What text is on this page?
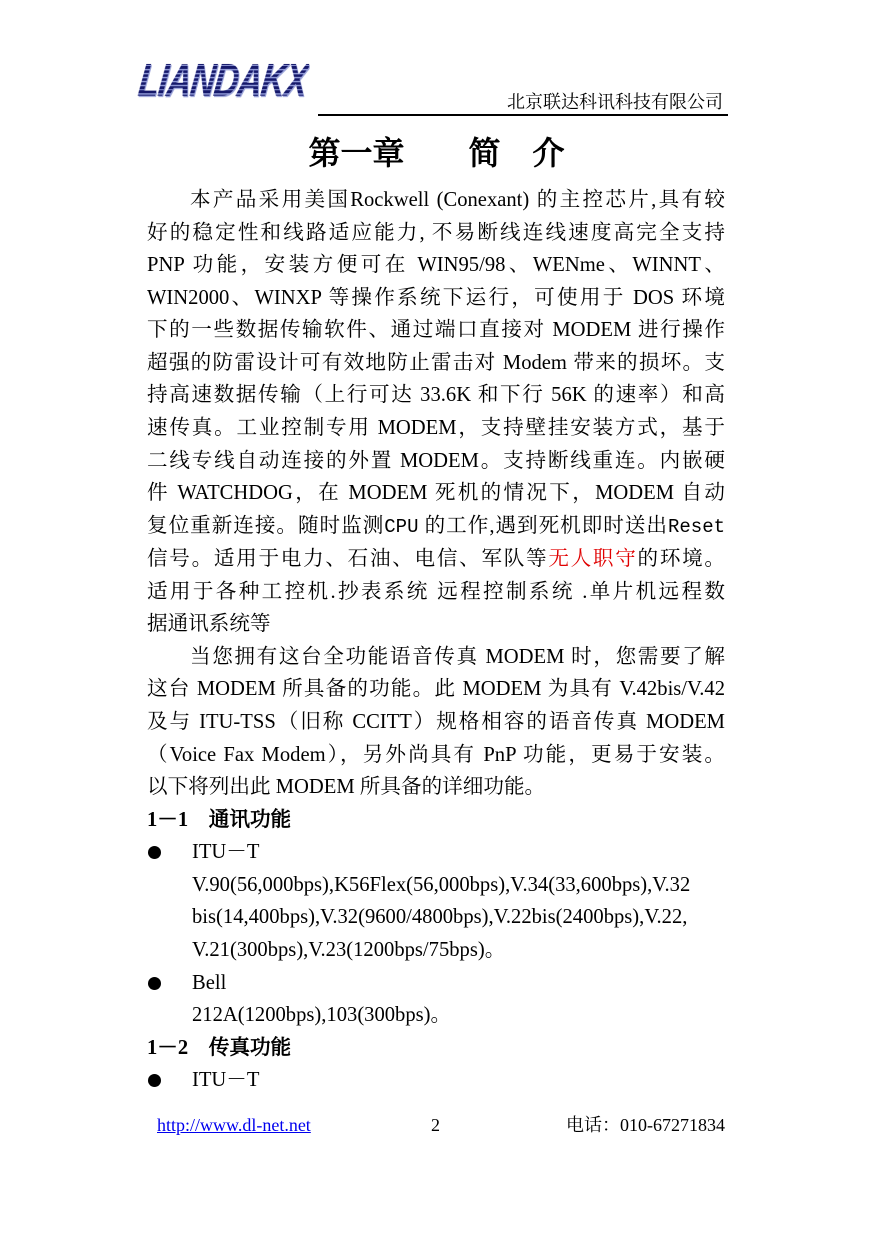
LIANDAKX	北京联达科讯科技有限公司
第一章　　简　介
本产品采用美国Rockwell (Conexant) 的主控芯片,具有较
好的稳定性和线路适应能力, 不易断线连线速度高完全支持
PNP 功能，安装方便可在 WIN95/98、WENme、WINNT、
WIN2000、WINXP 等操作系统下运行，可使用于 DOS 环境
下的一些数据传输软件、通过端口直接对 MODEM 进行操作
超强的防雷设计可有效地防止雷击对 Modem 带来的损坏。支
持高速数据传输（上行可达 33.6K 和下行 56K 的速率）和高
速传真。工业控制专用 MODEM，支持壁挂安装方式，基于
二线专线自动连接的外置 MODEM。支持断线重连。内嵌硬
件 WATCHDOG，在 MODEM 死机的情况下，MODEM 自动
复位重新连接。随时监测CPU 的工作,遇到死机即时送出Reset
信号。适用于电力、石油、电信、军队等无人职守的环境。
适用于各种工控机.抄表系统 远程控制系统 .单片机远程数
据通讯系统等
当您拥有这台全功能语音传真 MODEM 时，您需要了解
这台 MODEM 所具备的功能。此 MODEM 为具有 V.42bis/V.42
及与 ITU-TSS（旧称 CCITT）规格相容的语音传真 MODEM
（Voice Fax Modem），另外尚具有 PnP 功能，更易于安装。
以下将列出此 MODEM 所具备的详细功能。
1－1　通讯功能
ITU－T
V.90(56,000bps),K56Flex(56,000bps),V.34(33,600bps),V.32
bis(14,400bps),V.32(9600/4800bps),V.22bis(2400bps),V.22,
V.21(300bps),V.23(1200bps/75bps)。
Bell
212A(1200bps),103(300bps)。
1－2　传真功能
ITU－T
http://www.dl-net.net	2	电话：010-67271834
